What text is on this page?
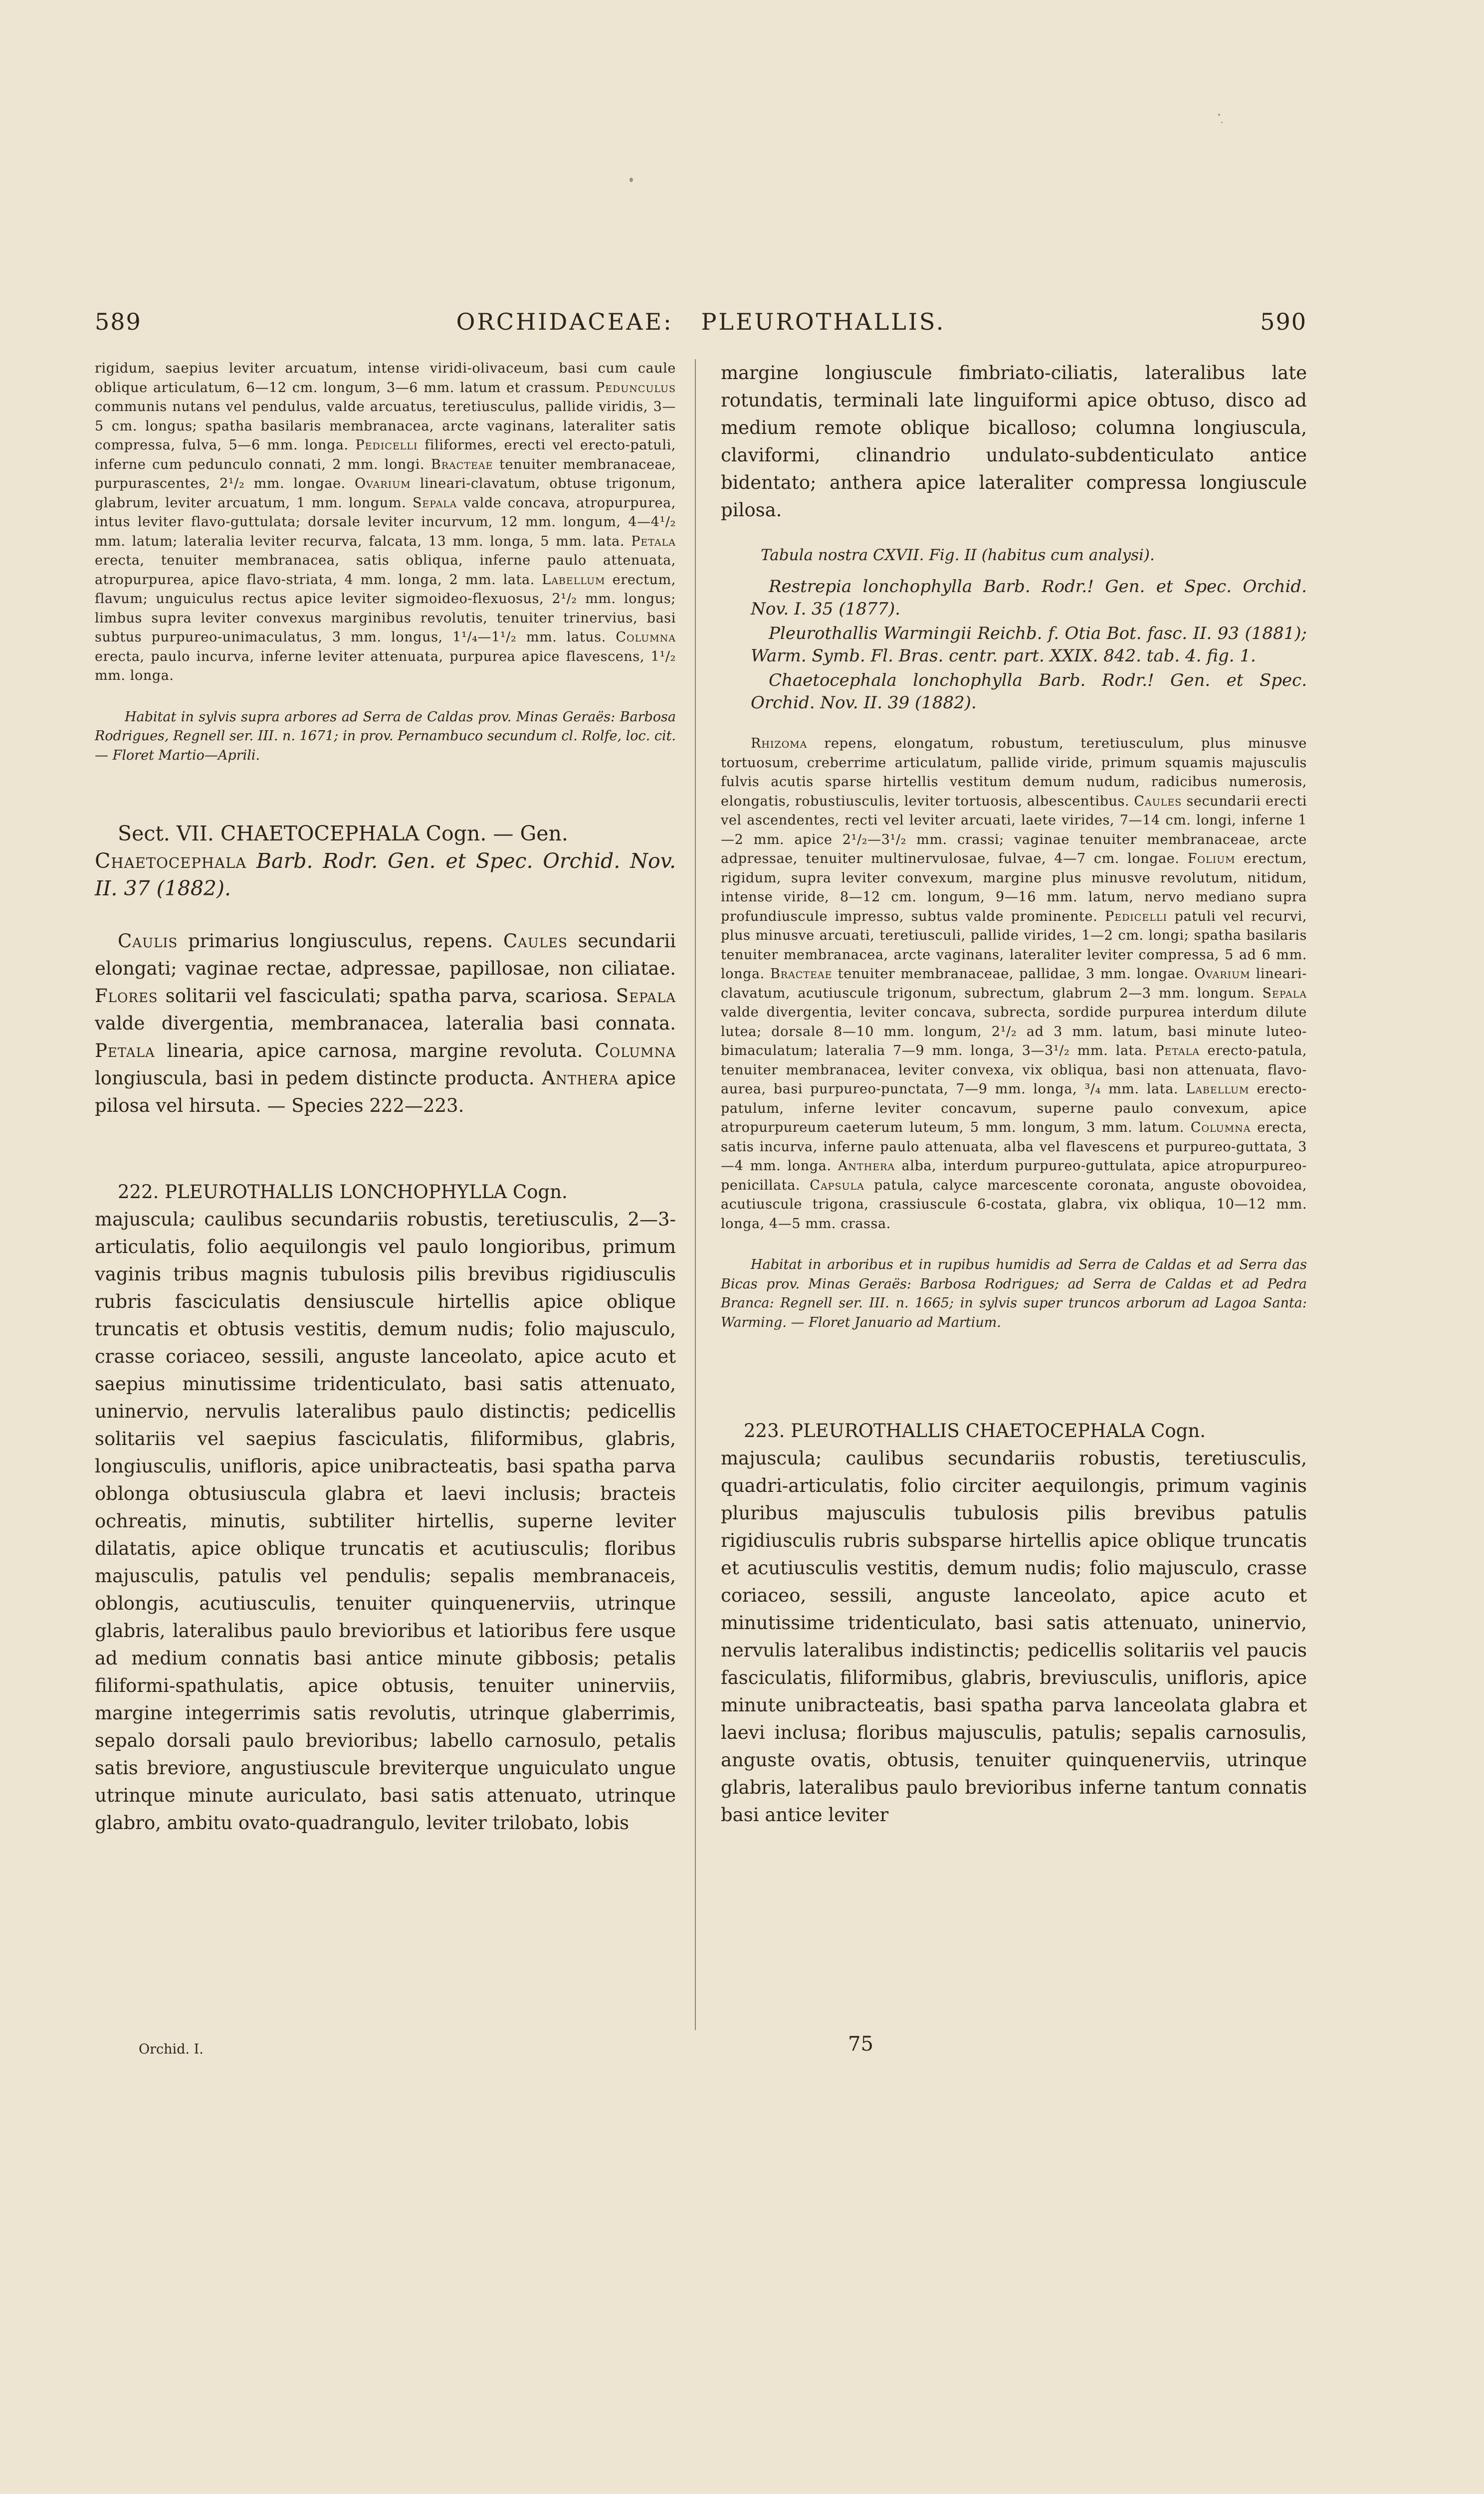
589	ORCHIDACEAE:   PLEUROTHALLIS.	590

rigidum, saepius leviter arcuatum, intense viridi-olivaceum, basi cum caule oblique articulatum, 6—12 cm. longum, 3—6 mm. latum et crassum. Pedunculus communis nutans vel pendulus, valde arcuatus, teretiusculus, pallide viridis, 3—5 cm. longus; spatha basilaris membranacea, arcte vaginans, lateraliter satis compressa, fulva, 5—6 mm. longa. Pedicelli filiformes, erecti vel erecto-patuli, inferne cum pedunculo connati, 2 mm. longi. Bracteae tenuiter membranaceae, purpurascentes, 2¹/₂ mm. longae. Ovarium lineari-clavatum, obtuse trigonum, glabrum, leviter arcuatum, 1 mm. longum. Sepala valde concava, atropurpurea, intus leviter flavo-guttulata; dorsale leviter incurvum, 12 mm. longum, 4—4¹/₂ mm. latum; lateralia leviter recurva, falcata, 13 mm. longa, 5 mm. lata. Petala erecta, tenuiter membranacea, satis obliqua, inferne paulo attenuata, atropurpurea, apice flavo-striata, 4 mm. longa, 2 mm. lata. Labellum erectum, flavum; unguiculus rectus apice leviter sigmoideo-flexuosus, 2¹/₂ mm. longus; limbus supra leviter convexus marginibus revolutis, tenuiter trinervius, basi subtus purpureo-unimaculatus, 3 mm. longus, 1¹/₄—1¹/₂ mm. latus. Columna erecta, paulo incurva, inferne leviter attenuata, purpurea apice flavescens, 1¹/₂ mm. longa.

Habitat in sylvis supra arbores ad Serra de Caldas prov. Minas Geraës: Barbosa Rodrigues, Regnell ser. III. n. 1671; in prov. Pernambuco secundum cl. Rolfe, loc. cit. — Floret Martio—Aprili.

Sect. VII. CHAETOCEPHALA Cogn. — Gen.

Chaetocephala Barb. Rodr. Gen. et Spec. Orchid. Nov. II. 37 (1882).

Caulis primarius longiusculus, repens. Caules secundarii elongati; vaginae rectae, adpressae, papillosae, non ciliatae. Flores solitarii vel fasciculati; spatha parva, scariosa. Sepala valde divergentia, membranacea, lateralia basi connata. Petala linearia, apice carnosa, margine revoluta. Columna longiuscula, basi in pedem distincte producta. Anthera apice pilosa vel hirsuta. — Species 222—223.

222. PLEUROTHALLIS LONCHOPHYLLA Cogn.

majuscula; caulibus secundariis robustis, teretiusculis, 2—3-articulatis, folio aequilongis vel paulo longioribus, primum vaginis tribus magnis tubulosis pilis brevibus rigidiusculis rubris fasciculatis densiuscule hirtellis apice oblique truncatis et obtusis vestitis, demum nudis; folio majusculo, crasse coriaceo, sessili, anguste lanceolato, apice acuto et saepius minutissime tridenticulato, basi satis attenuato, uninervio, nervulis lateralibus paulo distinctis; pedicellis solitariis vel saepius fasciculatis, filiformibus, glabris, longiusculis, unifloris, apice unibracteatis, basi spatha parva oblonga obtusiuscula glabra et laevi inclusis; bracteis ochreatis, minutis, subtiliter hirtellis, superne leviter dilatatis, apice oblique truncatis et acutiusculis; floribus majusculis, patulis vel pendulis; sepalis membranaceis, oblongis, acutiusculis, tenuiter quinquenerviis, utrinque glabris, lateralibus paulo brevioribus et latioribus fere usque ad medium connatis basi antice minute gibbosis; petalis filiformi-spathulatis, apice obtusis, tenuiter uninerviis, margine integerrimis satis revolutis, utrinque glaberrimis, sepalo dorsali paulo brevioribus; labello carnosulo, petalis satis breviore, angustiuscule breviterque unguiculato ungue utrinque minute auriculato, basi satis attenuato, utrinque glabro, ambitu ovato-quadrangulo, leviter trilobato, lobis

margine longiuscule fimbriato-ciliatis, lateralibus late rotundatis, terminali late linguiformi apice obtuso, disco ad medium remote oblique bicalloso; columna longiuscula, claviformi, clinandrio undulato-subdenticulato antice bidentato; anthera apice lateraliter compressa longiuscule pilosa.

Tabula nostra CXVII. Fig. II (habitus cum analysi).

Restrepia lonchophylla Barb. Rodr.! Gen. et Spec. Orchid. Nov. I. 35 (1877).

Pleurothallis Warmingii Reichb. f. Otia Bot. fasc. II. 93 (1881); Warm. Symb. Fl. Bras. centr. part. XXIX. 842. tab. 4. fig. 1.

Chaetocephala lonchophylla Barb. Rodr.! Gen. et Spec. Orchid. Nov. II. 39 (1882).

Rhizoma repens, elongatum, robustum, teretiusculum, plus minusve tortuosum, creberrime articulatum, pallide viride, primum squamis majusculis fulvis acutis sparse hirtellis vestitum demum nudum, radicibus numerosis, elongatis, robustiusculis, leviter tortuosis, albescentibus. Caules secundarii erecti vel ascendentes, recti vel leviter arcuati, laete virides, 7—14 cm. longi, inferne 1—2 mm. apice 2¹/₂—3¹/₂ mm. crassi; vaginae tenuiter membranaceae, arcte adpressae, tenuiter multinervulosae, fulvae, 4—7 cm. longae. Folium erectum, rigidum, supra leviter convexum, margine plus minusve revolutum, nitidum, intense viride, 8—12 cm. longum, 9—16 mm. latum, nervo mediano supra profundiuscule impresso, subtus valde prominente. Pedicelli patuli vel recurvi, plus minusve arcuati, teretiusculi, pallide virides, 1—2 cm. longi; spatha basilaris tenuiter membranacea, arcte vaginans, lateraliter leviter compressa, 5 ad 6 mm. longa. Bracteae tenuiter membranaceae, pallidae, 3 mm. longae. Ovarium lineari-clavatum, acutiuscule trigonum, subrectum, glabrum 2—3 mm. longum. Sepala valde divergentia, leviter concava, subrecta, sordide purpurea interdum dilute lutea; dorsale 8—10 mm. longum, 2¹/₂ ad 3 mm. latum, basi minute luteo-bimaculatum; lateralia 7—9 mm. longa, 3—3¹/₂ mm. lata. Petala erecto-patula, tenuiter membranacea, leviter convexa, vix obliqua, basi non attenuata, flavo-aurea, basi purpureo-punctata, 7—9 mm. longa, ³/₄ mm. lata. Labellum erecto-patulum, inferne leviter concavum, superne paulo convexum, apice atropurpureum caeterum luteum, 5 mm. longum, 3 mm. latum. Columna erecta, satis incurva, inferne paulo attenuata, alba vel flavescens et purpureo-guttata, 3—4 mm. longa. Anthera alba, interdum purpureo-guttulata, apice atropurpureo-penicillata. Capsula patula, calyce marcescente coronata, anguste obovoidea, acutiuscule trigona, crassiuscule 6-costata, glabra, vix obliqua, 10—12 mm. longa, 4—5 mm. crassa.

Habitat in arboribus et in rupibus humidis ad Serra de Caldas et ad Serra das Bicas prov. Minas Geraës: Barbosa Rodrigues; ad Serra de Caldas et ad Pedra Branca: Regnell ser. III. n. 1665; in sylvis super truncos arborum ad Lagoa Santa: Warming. — Floret Januario ad Martium.

223. PLEUROTHALLIS CHAETOCEPHALA Cogn.

majuscula; caulibus secundariis robustis, teretiusculis, quadri-articulatis, folio circiter aequilongis, primum vaginis pluribus majusculis tubulosis pilis brevibus patulis rigidiusculis rubris subsparse hirtellis apice oblique truncatis et acutiusculis vestitis, demum nudis; folio majusculo, crasse coriaceo, sessili, anguste lanceolato, apice acuto et minutissime tridenticulato, basi satis attenuato, uninervio, nervulis lateralibus indistinctis; pedicellis solitariis vel paucis fasciculatis, filiformibus, glabris, breviusculis, unifloris, apice minute unibracteatis, basi spatha parva lanceolata glabra et laevi inclusa; floribus majusculis, patulis; sepalis carnosulis, anguste ovatis, obtusis, tenuiter quinquenerviis, utrinque glabris, lateralibus paulo brevioribus inferne tantum connatis basi antice leviter

Orchid. I.	75
